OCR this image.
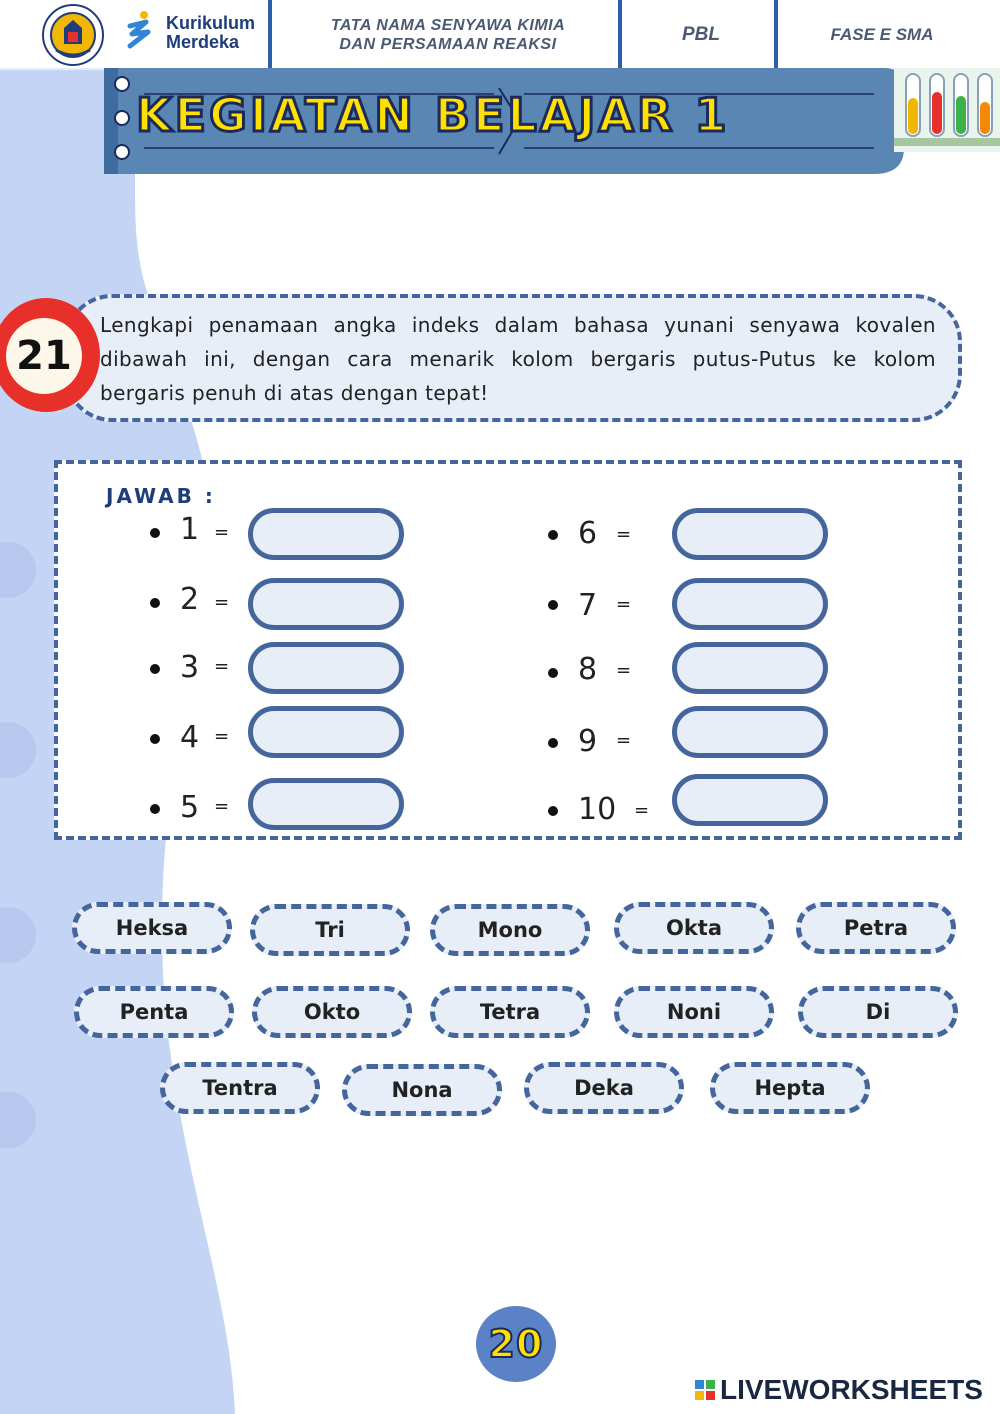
Kurikulum
Merdeka
TATA NAMA SENYAWA KIMIA
DAN PERSAMAAN REAKSI	PBL	FASE E SMA
KEGIATAN BELAJAR 1
21
Lengkapi penamaan angka indeks dalam bahasa yunani senyawa kovalen dibawah ini, dengan cara menarik kolom bergaris putus-Putus ke kolom bergaris penuh di atas dengan tepat!
JAWAB :
1 =
2 =
3 =
4 =
5 =
6 =
7 =
8 =
9 =
10 =
Heksa	Tri	Mono	Okta	Petra
Penta	Okto	Tetra	Noni	Di
Tentra	Nona	Deka	Hepta
20
LIVEWORKSHEETS
